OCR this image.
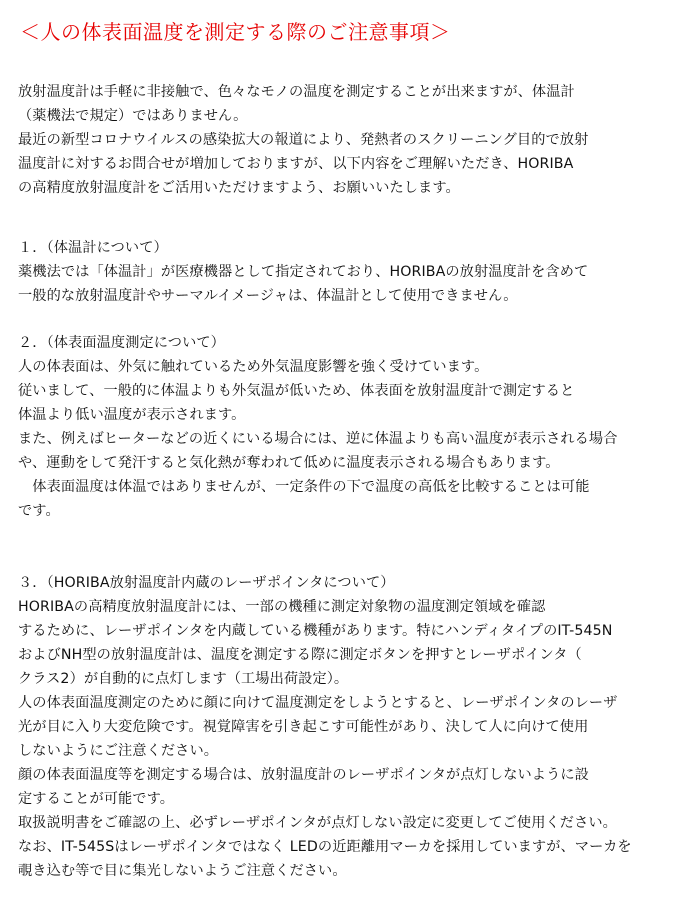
＜人の体表面温度を測定する際のご注意事項＞
放射温度計は手軽に非接触で、色々なモノの温度を測定することが出来ますが、体温計
（薬機法で規定）ではありません。
最近の新型コロナウイルスの感染拡大の報道により、発熱者のスクリーニング目的で放射
温度計に対するお問合せが増加しておりますが、以下内容をご理解いただき、HORIBA
の高精度放射温度計をご活用いただけますよう、お願いいたします。
１．（体温計について）
薬機法では「体温計」が医療機器として指定されており、HORIBAの放射温度計を含めて
一般的な放射温度計やサーマルイメージャは、体温計として使用できません。
２．（体表面温度測定について）
人の体表面は、外気に触れているため外気温度影響を強く受けています。
従いまして、一般的に体温よりも外気温が低いため、体表面を放射温度計で測定すると
体温より低い温度が表示されます。
また、例えばヒーターなどの近くにいる場合には、逆に体温よりも高い温度が表示される場合
や、運動をして発汗すると気化熱が奪われて低めに温度表示される場合もあります。
　体表面温度は体温ではありませんが、一定条件の下で温度の高低を比較することは可能
です。
３．（HORIBA放射温度計内蔵のレーザポインタについて）
HORIBAの高精度放射温度計には、一部の機種に測定対象物の温度測定領域を確認
するために、レーザポインタを内蔵している機種があります。特にハンディタイプのIT-545N
およびNH型の放射温度計は、温度を測定する際に測定ボタンを押すとレーザポインタ（
クラス2）が自動的に点灯します（工場出荷設定）。
人の体表面温度測定のために顔に向けて温度測定をしようとすると、レーザポインタのレーザ
光が目に入り大変危険です。視覚障害を引き起こす可能性があり、決して人に向けて使用
しないようにご注意ください。
顔の体表面温度等を測定する場合は、放射温度計のレーザポインタが点灯しないように設
定することが可能です。
取扱説明書をご確認の上、必ずレーザポインタが点灯しない設定に変更してご使用ください。
なお、IT-545Sはレーザポインタではなく LEDの近距離用マーカを採用していますが、マーカを
覗き込む等で目に集光しないようご注意ください。
